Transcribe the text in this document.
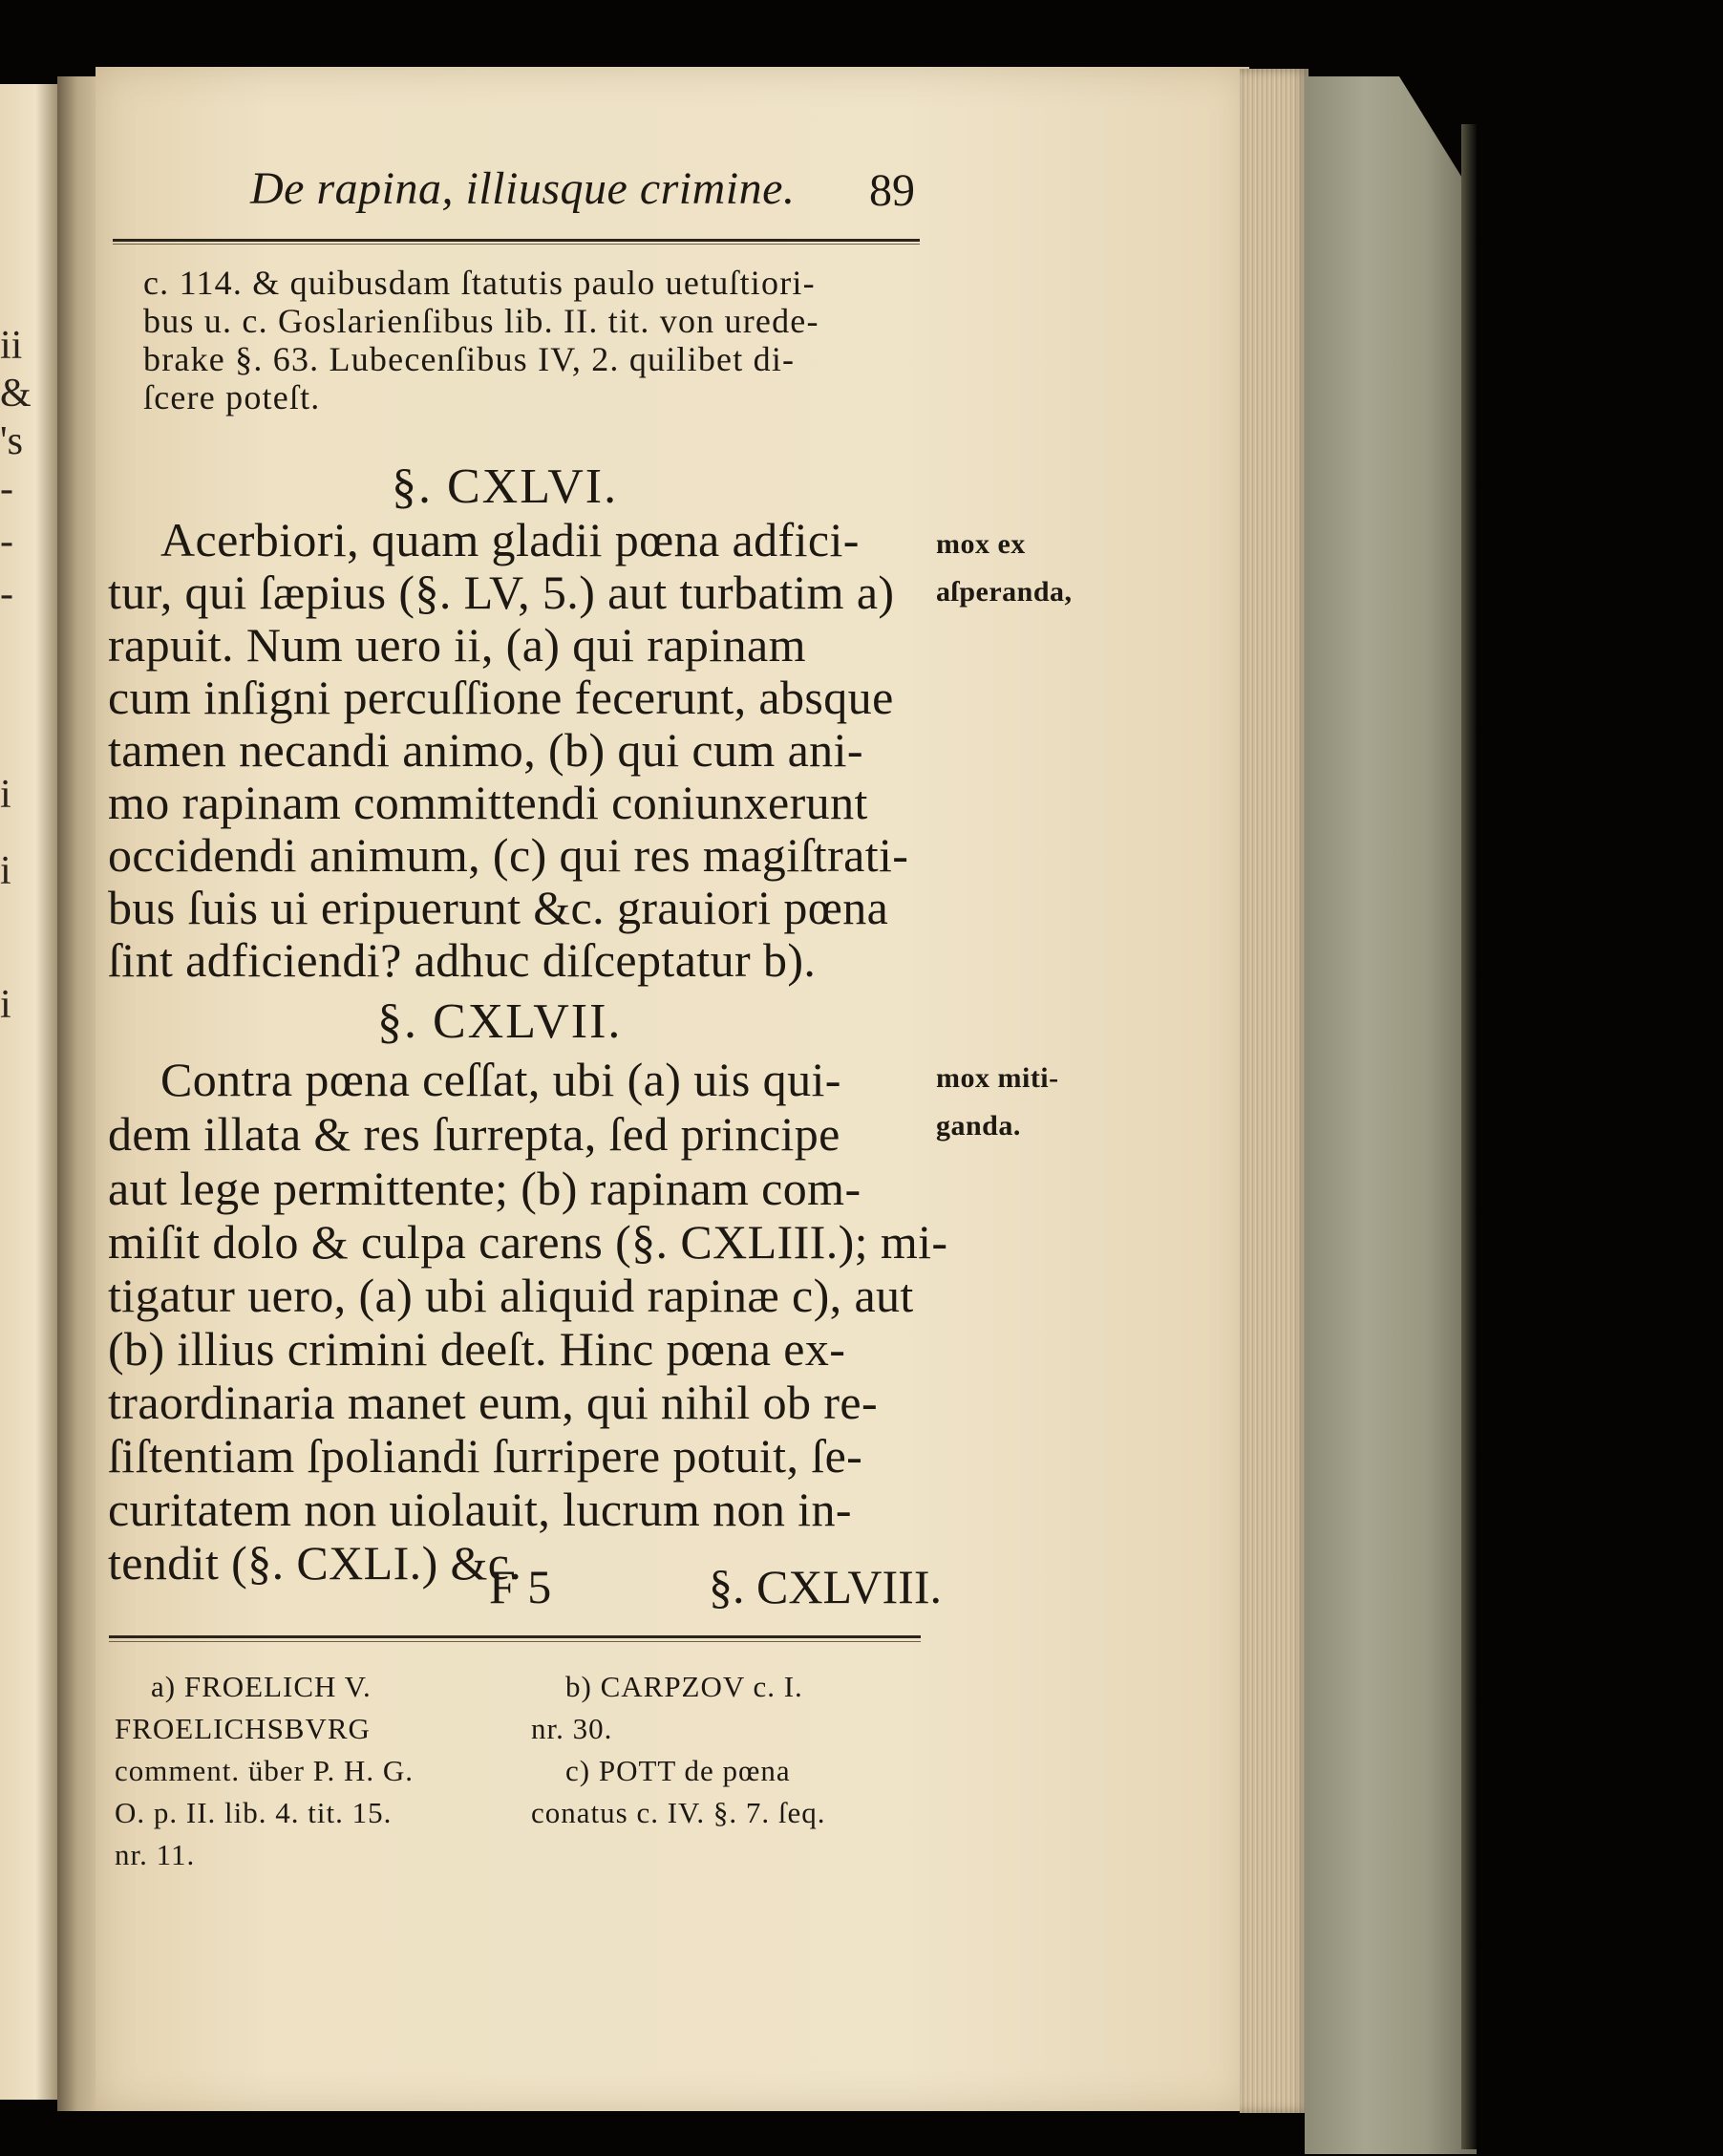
ii
&
's
-
-
-
i
i
i
De rapina, illiusque crimine. 89
c. 114. & quibusdam ſtatutis paulo uetuſtiori-
bus u. c. Goslarienſibus lib. II. tit. von urede-
brake §. 63. Lubecenſibus IV, 2. quilibet di-
ſcere poteſt.
§. CXLVI.
Acerbiori, quam gladii pœna adfici-
tur, qui ſæpius (§. LV, 5.) aut turbatim a)
rapuit. Num uero ii, (a) qui rapinam
cum inſigni percuſſione fecerunt, absque
tamen necandi animo, (b) qui cum ani-
mo rapinam committendi coniunxerunt
occidendi animum, (c) qui res magiſtrati-
bus ſuis ui eripuerunt &c. grauiori pœna
ſint adficiendi? adhuc diſceptatur b).
mox ex
aſperanda,
§. CXLVII.
Contra pœna ceſſat, ubi (a) uis qui-
dem illata & res ſurrepta, ſed principe
aut lege permittente; (b) rapinam com-
miſit dolo & culpa carens (§. CXLIII.); mi-
tigatur uero, (a) ubi aliquid rapinæ c), aut
(b) illius crimini deeſt. Hinc pœna ex-
traordinaria manet eum, qui nihil ob re-
ſiſtentiam ſpoliandi ſurripere potuit, ſe-
curitatem non uiolauit, lucrum non in-
tendit (§. CXLI.) &c.
mox miti-
ganda.
F 5	§. CXLVIII.
a) FROELICH V.
FROELICHSBVRG
comment. über P. H. G.
O. p. II. lib. 4. tit. 15.
nr. 11.
b) CARPZOV c. I.
nr. 30.
c) POTT de pœna
conatus c. IV. §. 7. ſeq.
